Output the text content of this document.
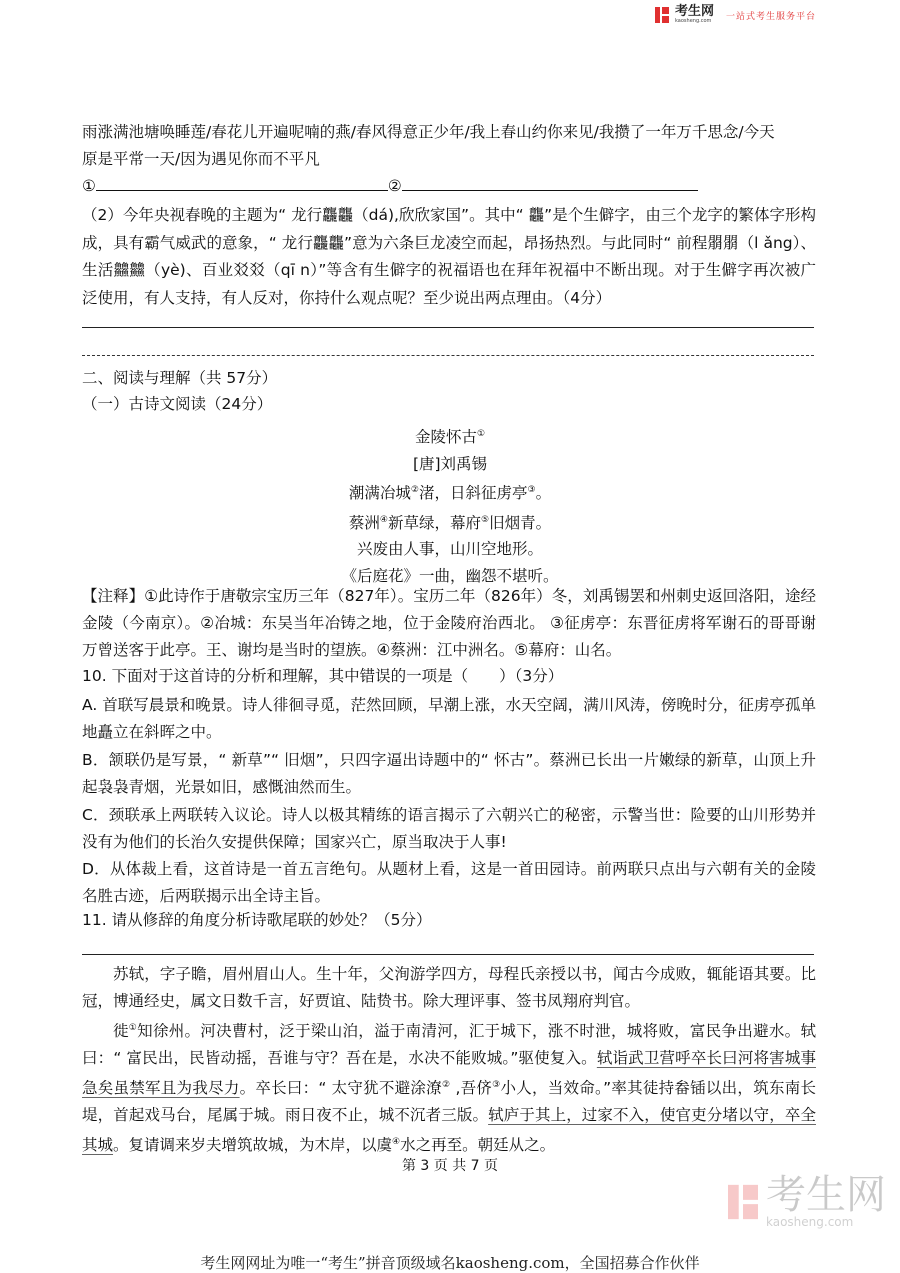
考生网
kaosheng.com 一站式考生服务平台
雨涨满池塘唤睡莲/春花儿开遍呢喃的燕/春风得意正少年/我上春山约你来见/我攒了一年万千思念/今天
原是平常一天/因为遇见你而不平凡
①	②
（2）今年央视春晚的主题为“ 龙行龘龘（dá),欣欣家国”。其中“ 龘”是个生僻字，由三个龙字的繁体字形构成，具有霸气威武的意象，“ 龙行龘龘”意为六条巨龙凌空而起，昂扬热烈。与此同时“ 前程朤朤（l ǎng）、生活䲜䲜（yè)、百业㸚㸚（qī n）”等含有生僻字的祝福语也在拜年祝福中不断出现。对于生僻字再次被广泛使用，有人支持，有人反对，你持什么观点呢？至少说出两点理由。（4分）
二、阅读与理解（共 57分）
（一）古诗文阅读（24分）
金陵怀古①
[唐]刘禹锡
潮满冶城②渚，日斜征虏亭③。
蔡洲④新草绿，幕府⑤旧烟青。
兴废由人事，山川空地形。
《后庭花》一曲，幽怨不堪听。
【注释】①此诗作于唐敬宗宝历三年（827年）。宝历二年（826年）冬，刘禹锡罢和州刺史返回洛阳，途经金陵（今南京）。②冶城：东吴当年冶铸之地，位于金陵府治西北。 ③征虏亭：东晋征虏将军谢石的哥哥谢万曾送客于此亭。王、谢均是当时的望族。④蔡洲：江中洲名。⑤幕府：山名。
10. 下面对于这首诗的分析和理解，其中错误的一项是（　　）（3分）
A. 首联写晨景和晚景。诗人徘徊寻觅，茫然回顾，早潮上涨，水天空阔，满川风涛，傍晚时分，征虏亭孤单地矗立在斜晖之中。
B．颔联仍是写景，“ 新草”“ 旧烟”，只四字逼出诗题中的“ 怀古”。蔡洲已长出一片嫩绿的新草，山顶上升起袅袅青烟，光景如旧，感慨油然而生。
C．颈联承上两联转入议论。诗人以极其精练的语言揭示了六朝兴亡的秘密，示警当世：险要的山川形势并没有为他们的长治久安提供保障；国家兴亡，原当取决于人事!
D．从体裁上看，这首诗是一首五言绝句。从题材上看，这是一首田园诗。前两联只点出与六朝有关的金陵名胜古迹，后两联揭示出全诗主旨。
11. 请从修辞的角度分析诗歌尾联的妙处？（5分）
苏轼，字子瞻，眉州眉山人。生十年，父洵游学四方，母程氏亲授以书，闻古今成败，辄能语其要。比冠，博通经史，属文日数千言，好贾谊、陆贽书。除大理评事、签书凤翔府判官。
徙①知徐州。河决曹村，泛于梁山泊，溢于南清河，汇于城下，涨不时泄，城将败，富民争出避水。轼曰：“ 富民出，民皆动摇，吾谁与守？吾在是，水决不能败城。”驱使复入。轼诣武卫营呼卒长曰河将害城事急矣虽禁军且为我尽力。卒长曰：“ 太守犹不避涂潦② ,吾侪③小人，当效命。”率其徒持畚锸以出，筑东南长堤，首起戏马台，尾属于城。雨日夜不止，城不沉者三版。轼庐于其上，过家不入，使官吏分堵以守，卒全其城。复请调来岁夫增筑故城，为木岸，以虞④水之再至。朝廷从之。
第 3 页 共 7 页
考生网
kaosheng.com
考生网网址为唯一“考生”拼音顶级域名kaosheng.com，全国招募合作伙伴
